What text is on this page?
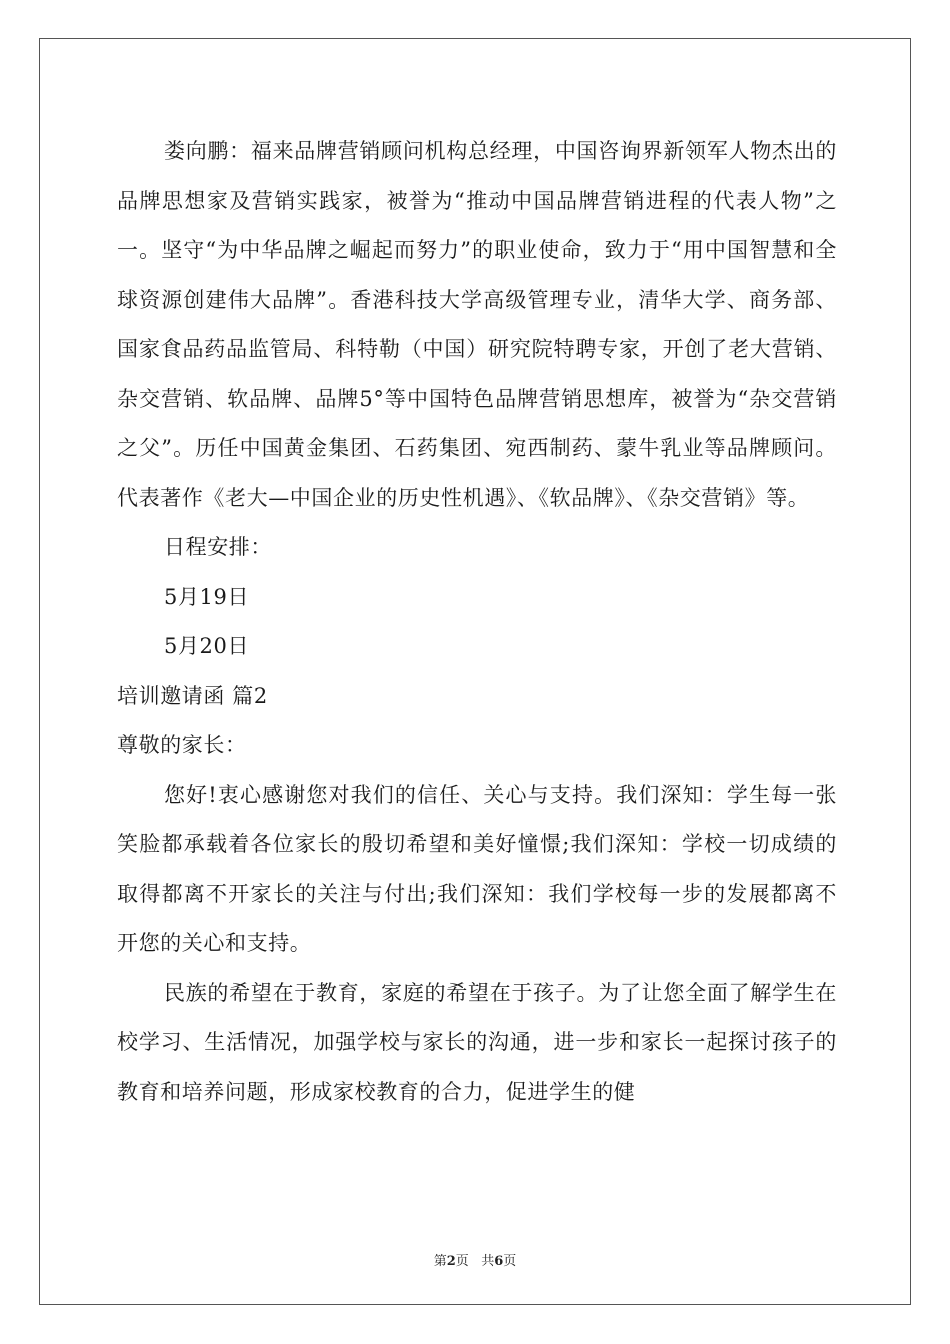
娄向鹏：福来品牌营销顾问机构总经理，中国咨询界新领军人物杰出的品牌思想家及营销实践家，被誉为“推动中国品牌营销进程的代表人物”之一。坚守“为中华品牌之崛起而努力”的职业使命，致力于“用中国智慧和全球资源创建伟大品牌”。香港科技大学高级管理专业，清华大学、商务部、国家食品药品监管局、科特勒（中国）研究院特聘专家，开创了老大营销、杂交营销、软品牌、品牌5°等中国特色品牌营销思想库，被誉为“杂交营销之父”。历任中国黄金集团、石药集团、宛西制药、蒙牛乳业等品牌顾问。代表著作《老大—中国企业的历史性机遇》、《软品牌》、《杂交营销》等。

日程安排：

5月19日

5月20日

培训邀请函 篇2

尊敬的家长：

您好!衷心感谢您对我们的信任、关心与支持。我们深知：学生每一张笑脸都承载着各位家长的殷切希望和美好憧憬;我们深知：学校一切成绩的取得都离不开家长的关注与付出;我们深知：我们学校每一步的发展都离不开您的关心和支持。

民族的希望在于教育，家庭的希望在于孩子。为了让您全面了解学生在校学习、生活情况，加强学校与家长的沟通，进一步和家长一起探讨孩子的教育和培养问题，形成家校教育的合力，促进学生的健

第2页   共6页
